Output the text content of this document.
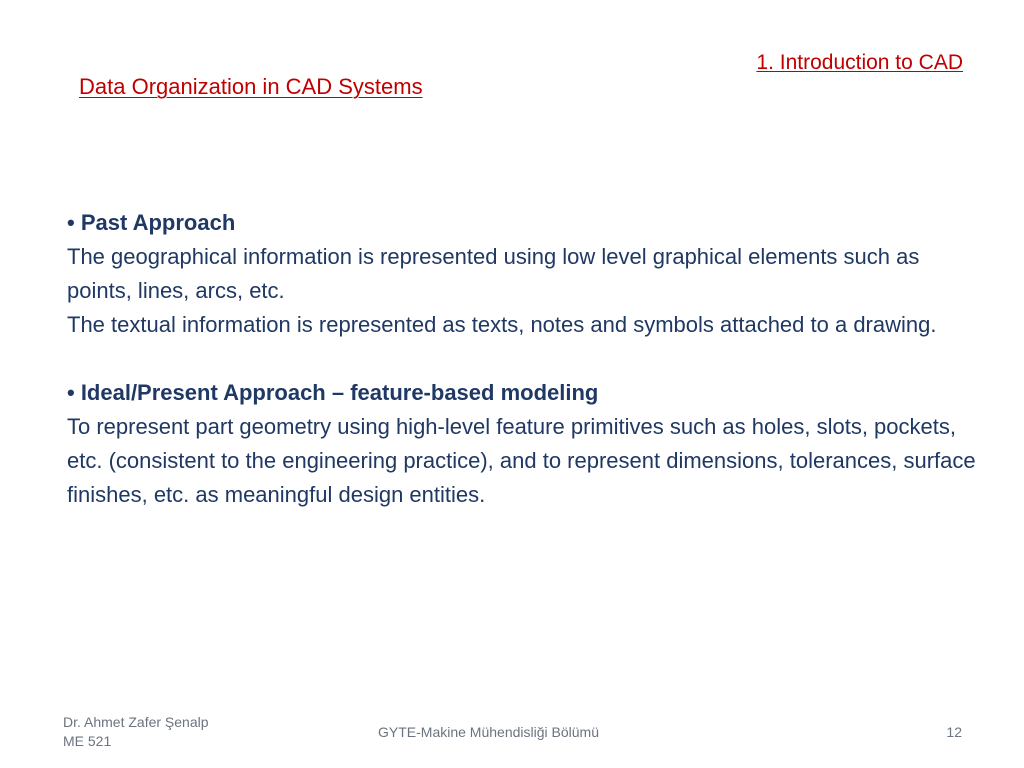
1. Introduction to CAD
Data Organization in CAD Systems
• Past Approach
The geographical information is represented using low level graphical elements such as points, lines, arcs, etc.
The textual information is represented as texts, notes and symbols attached to a drawing.
• Ideal/Present Approach – feature-based modeling
To represent part geometry using high-level feature primitives such as holes, slots, pockets, etc. (consistent to the engineering practice), and to represent dimensions, tolerances, surface finishes, etc. as meaningful design entities.
Dr. Ahmet Zafer Şenalp
ME 521
GYTE-Makine Mühendisliği Bölümü	12
